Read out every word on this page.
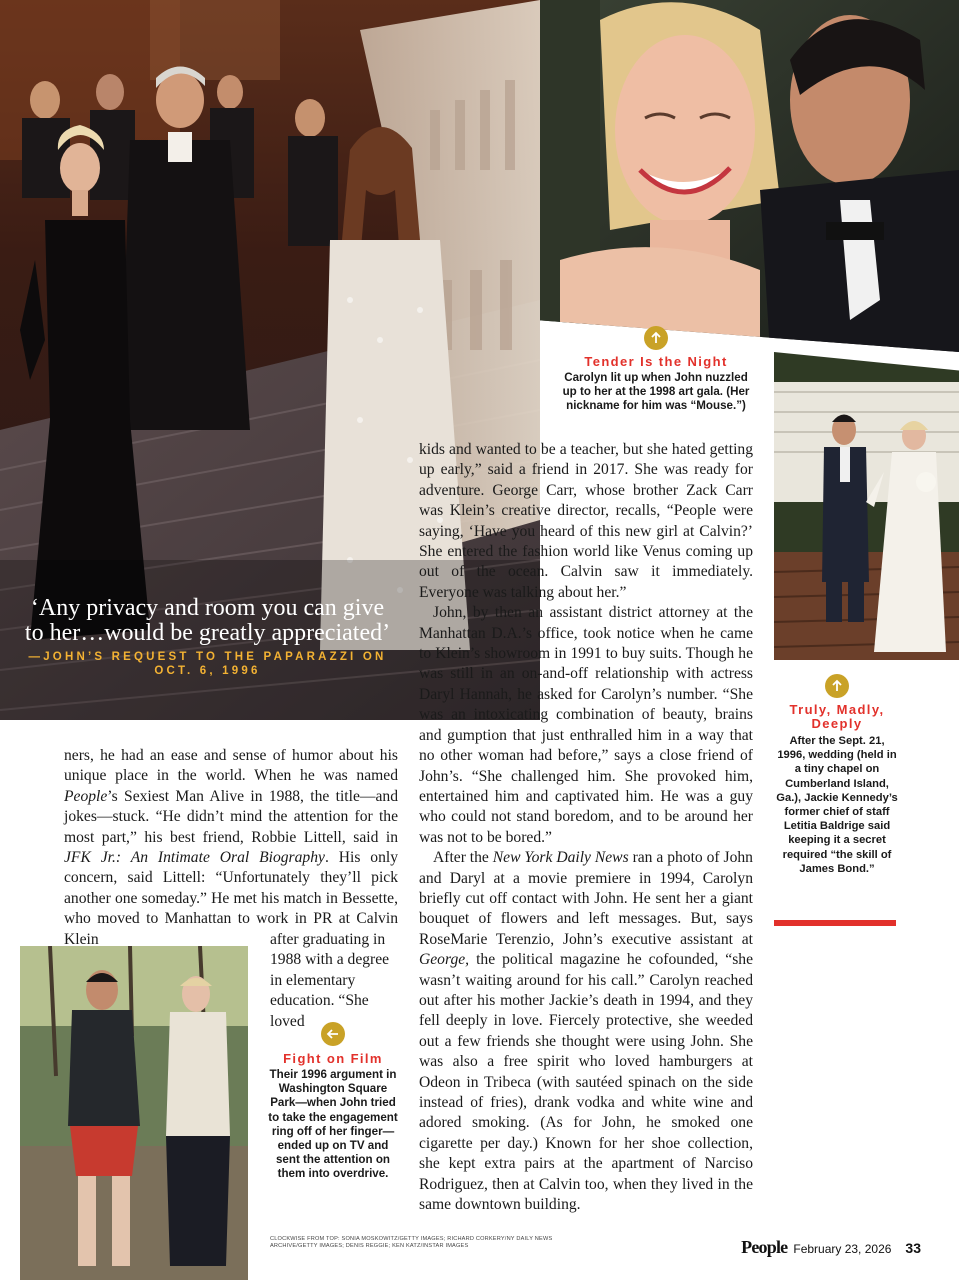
Tender Is the Night
Carolyn lit up when John nuzzled up to her at the 1998 art gala. (Her nickname for him was “Mouse.”)
Truly, Madly, Deeply
After the Sept. 21, 1996, wedding (held in a tiny chapel on Cumberland Island, Ga.), Jackie Kennedy’s former chief of staff Letitia Baldrige said keeping it a secret required “the skill of James Bond.”
Fight on Film
Their 1996 argument in Washington Square Park—when John tried to take the engagement ring off of her finger—ended up on TV and sent the attention on them into overdrive.
‘Any privacy and room you can give to her…would be greatly appreciated’
—JOHN’S REQUEST TO THE PAPARAZZI ON OCT. 6, 1996

ners, he had an ease and sense of humor about his unique place in the world. When he was named People’s Sexiest Man Alive in 1988, the title—and jokes—stuck. “He didn’t mind the attention for the most part,” his best friend, Robbie Littell, said in JFK Jr.: An Intimate Oral Biography. His only concern, said Littell: “Unfortunately they’ll pick another one someday.” He met his match in Bessette, who moved to Manhattan to work in PR at Calvin Klein	after graduating in 1988 with a degree in elementary education. “She loved

kids and wanted to be a teacher, but she hated getting up early,” said a friend in 2017. She was ready for adventure. George Carr, whose brother Zack Carr was Klein’s creative director, recalls, “People were saying, ‘Have you heard of this new girl at Calvin?’ She entered the fashion world like Venus coming up out of the ocean. Calvin saw it immediately. Everyone was talking about her.”

John, by then an assistant district attorney at the Manhattan D.A.’s office, took notice when he came to Klein’s showroom in 1991 to buy suits. Though he was still in an on-and-off relationship with actress Daryl Hannah, he asked for Carolyn’s number. “She was an intoxicating combination of beauty, brains and gumption that just enthralled him in a way that no other woman had before,” says a close friend of John’s. “She challenged him. She provoked him, entertained him and captivated him. He was a guy who could not stand boredom, and to be around her was not to be bored.”

After the New York Daily News ran a photo of John and Daryl at a movie premiere in 1994, Carolyn briefly cut off contact with John. He sent her a giant bouquet of flowers and left messages. But, says RoseMarie Terenzio, John’s executive assistant at George, the political magazine he cofounded, “she wasn’t waiting around for his call.” Carolyn reached out after his mother Jackie’s death in 1994, and they fell deeply in love. Fiercely protective, she weeded out a few friends she thought were using John. She was also a free spirit who loved hamburgers at Odeon in Tribeca (with sautéed spinach on the side instead of fries), drank vodka and white wine and adored smoking. (As for John, he smoked one cigarette per day.) Known for her shoe collection, she kept extra pairs at the apartment of Narciso Rodriguez, then at Calvin too, when they lived in the same downtown building.

CLOCKWISE FROM TOP: SONIA MOSKOWITZ/GETTY IMAGES; RICHARD CORKERY/NY DAILY NEWS ARCHIVE/GETTY IMAGES; DENIS REGGIE; KEN KATZ/INSTAR IMAGES	People February 23, 2026 33
